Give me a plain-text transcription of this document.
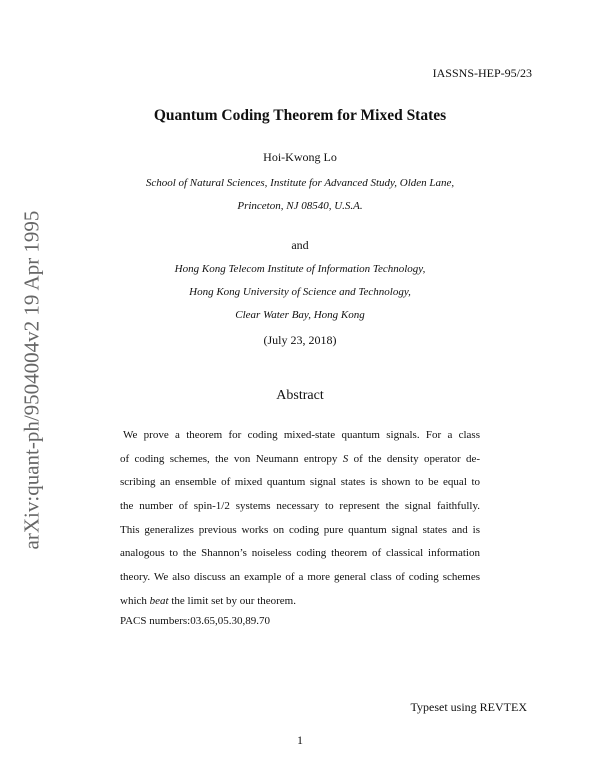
IASSNS-HEP-95/23
Quantum Coding Theorem for Mixed States
Hoi-Kwong Lo
School of Natural Sciences, Institute for Advanced Study, Olden Lane,
Princeton, NJ 08540, U.S.A.
and
Hong Kong Telecom Institute of Information Technology,
Hong Kong University of Science and Technology,
Clear Water Bay, Hong Kong
(July 23, 2018)
Abstract
We prove a theorem for coding mixed-state quantum signals. For a class
of coding schemes, the von Neumann entropy S of the density operator de-
scribing an ensemble of mixed quantum signal states is shown to be equal to
the number of spin-1/2 systems necessary to represent the signal faithfully.
This generalizes previous works on coding pure quantum signal states and is
analogous to the Shannon’s noiseless coding theorem of classical information
theory. We also discuss an example of a more general class of coding schemes
which beat the limit set by our theorem.
PACS numbers:03.65,05.30,89.70
Typeset using REVTEX
1
arXiv:quant-ph/9504004v2 19 Apr 1995
